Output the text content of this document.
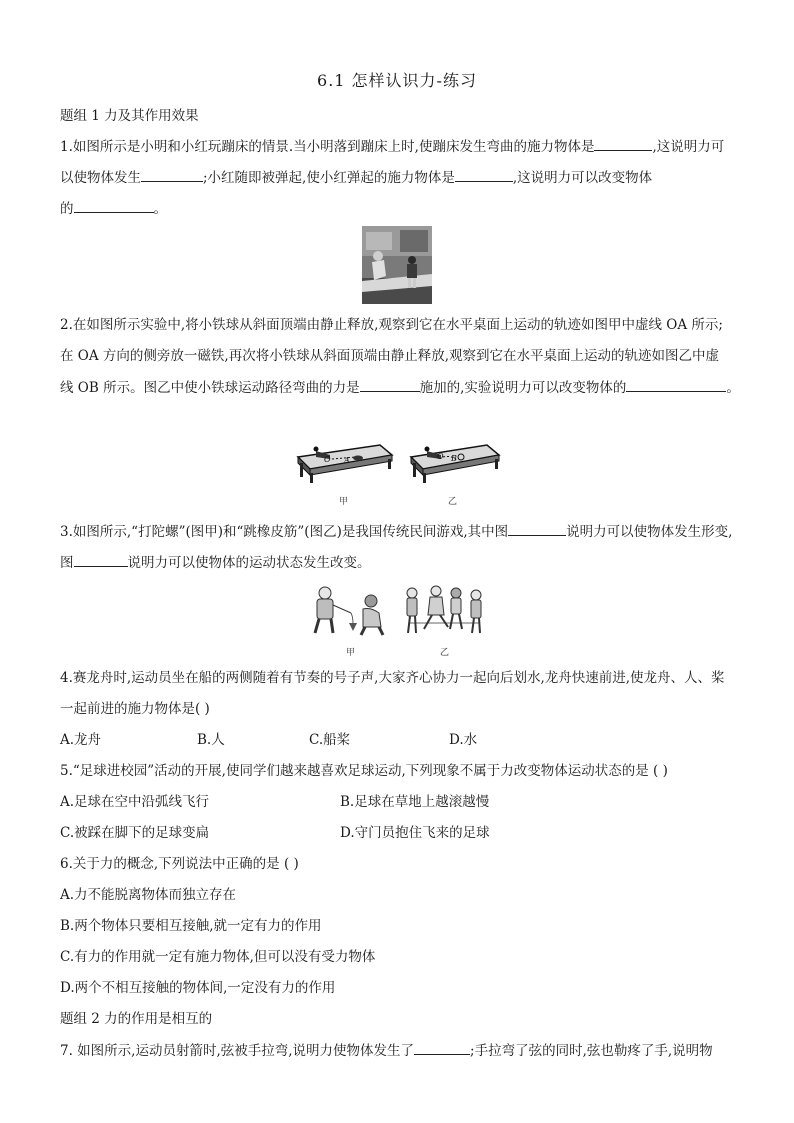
6.1 怎样认识力-练习
题组 1 力及其作用效果
1.如图所示是小明和小红玩蹦床的情景.当小明落到蹦床上时,使蹦床发生弯曲的施力物体是	,这说明力可
以使物体发生	;小红随即被弹起,使小红弹起的施力物体是	,这说明力可以改变物体
的	。
2.在如图所示实验中,将小铁球从斜面顶端由静止释放,观察到它在水平桌面上运动的轨迹如图甲中虚线 OA 所示;
在 OA 方向的侧旁放一磁铁,再次将小铁球从斜面顶端由静止释放,观察到它在水平桌面上运动的轨迹如图乙中虚
线 OB 所示。图乙中使小铁球运动路径弯曲的力是	施加的,实验说明力可以改变物体的	。
O A	O B
甲	乙
3.如图所示,“打陀螺”(图甲)和“跳橡皮筋”(图乙)是我国传统民间游戏,其中图	说明力可以使物体发生形变,
图	说明力可以使物体的运动状态发生改变。
甲	乙
4.赛龙舟时,运动员坐在船的两侧随着有节奏的号子声,大家齐心协力一起向后划水,龙舟快速前进,使龙舟、人、桨
一起前进的施力物体是( )
A.龙舟	B.人	C.船桨	D.水
5.“足球进校园”活动的开展,使同学们越来越喜欢足球运动,下列现象不属于力改变物体运动状态的是 ( )
A.足球在空中沿弧线飞行	B.足球在草地上越滚越慢
C.被踩在脚下的足球变扁	D.守门员抱住飞来的足球
6.关于力的概念,下列说法中正确的是 ( )
A.力不能脱离物体而独立存在
B.两个物体只要相互接触,就一定有力的作用
C.有力的作用就一定有施力物体,但可以没有受力物体
D.两个不相互接触的物体间,一定没有力的作用
题组 2 力的作用是相互的
7. 如图所示,运动员射箭时,弦被手拉弯,说明力使物体发生了	;手拉弯了弦的同时,弦也勒疼了手,说明物
